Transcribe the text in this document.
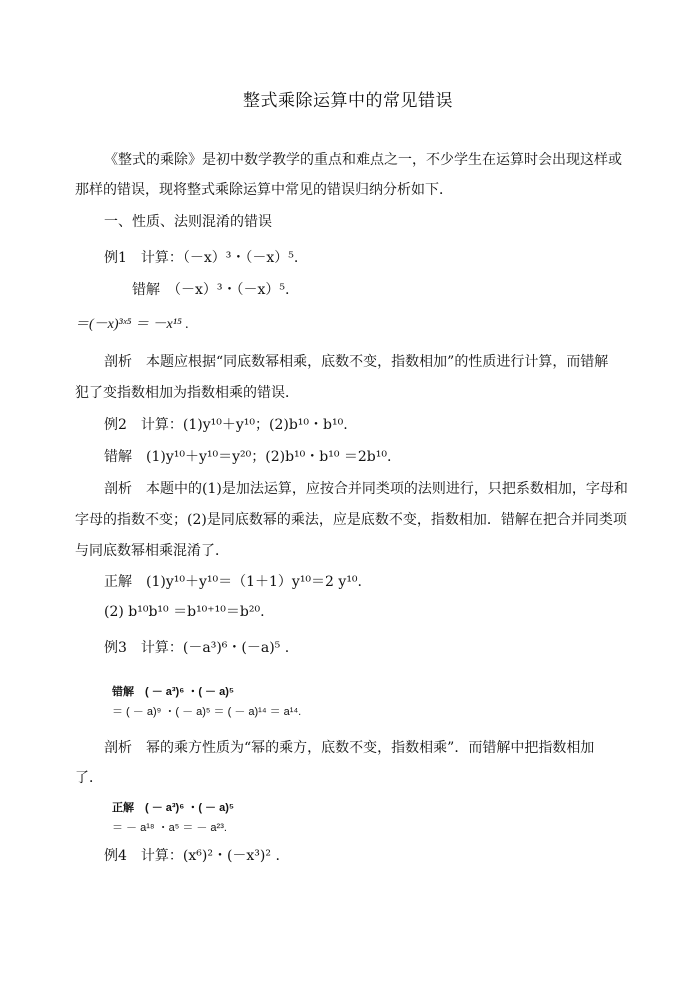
整式乘除运算中的常见错误
《整式的乘除》是初中数学教学的重点和难点之一，不少学生在运算时会出现这样或
那样的错误，现将整式乘除运算中常见的错误归纳分析如下．
一、性质、法则混淆的错误
例1　计算：（－x）³・（－x）⁵.
错解　（－x）³・（－x）⁵.
＝(－x)³ˣ⁵ ＝ －x¹⁵ .
剖析　本题应根据“同底数幂相乘，底数不变，指数相加”的性质进行计算，而错解
犯了变指数相加为指数相乘的错误．
例2　计算：(1)y¹⁰＋y¹⁰；(2)b¹⁰・b¹⁰.
错解　(1)y¹⁰＋y¹⁰＝y²⁰；(2)b¹⁰・b¹⁰ ＝2b¹⁰.
剖析　本题中的(1)是加法运算，应按合并同类项的法则进行，只把系数相加，字母和
字母的指数不变；(2)是同底数幂的乘法，应是底数不变，指数相加．错解在把合并同类项
与同底数幂相乘混淆了．
正解　(1)y¹⁰＋y¹⁰＝（1＋1）y¹⁰＝2 y¹⁰.
(2) b¹⁰b¹⁰ ＝b¹⁰⁺¹⁰＝b²⁰.
例3　计算：(－a³)⁶・(－a)⁵ .
错解　( － a³)⁶ ・( － a)⁵
＝ ( － a)⁹ ・( － a)⁵ ＝ ( － a)¹⁴ ＝ a¹⁴.
剖析　幂的乘方性质为“幂的乘方，底数不变，指数相乘”．而错解中把指数相加
了．
正解　( － a³)⁶ ・( － a)⁵
＝ － a¹⁸ ・a⁵ ＝ － a²³.
例4　计算：(x⁶)²・(－x³)² .
